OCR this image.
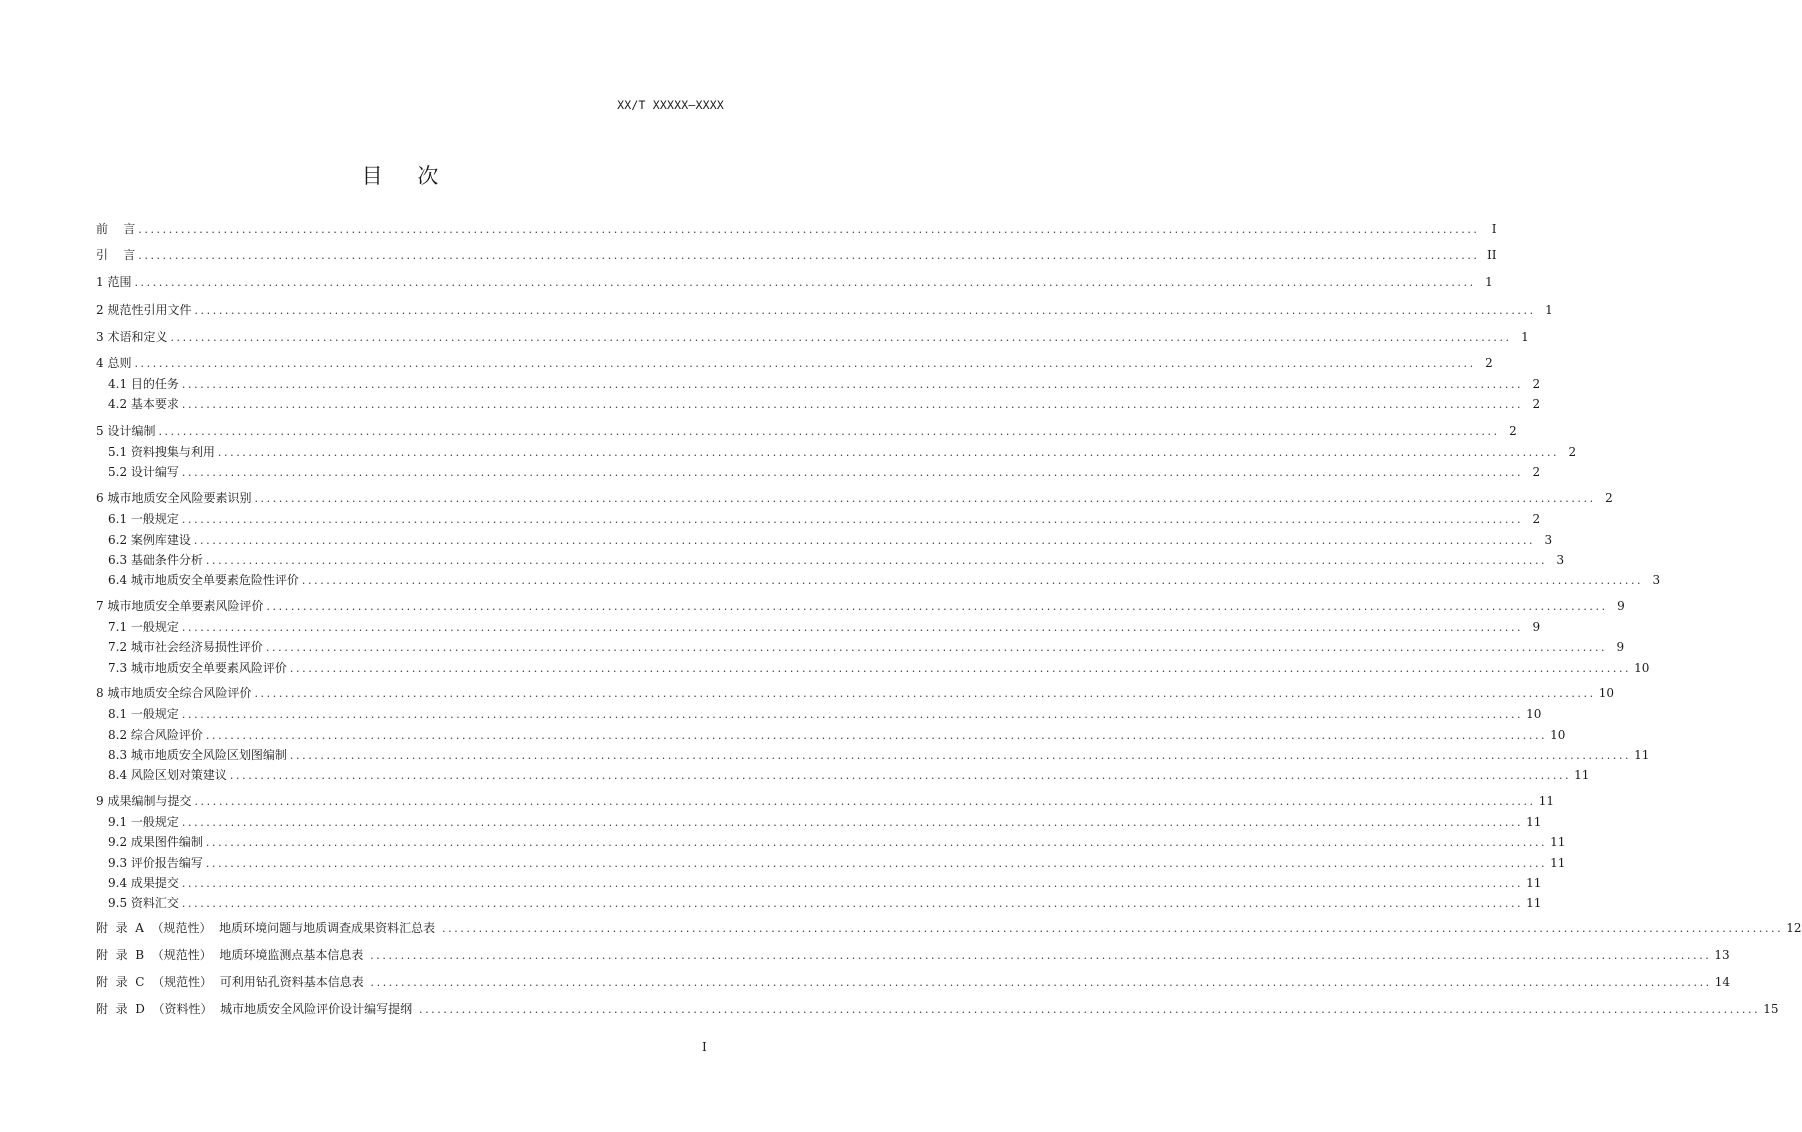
XX/T XXXXX—XXXX
目 次
前    言 ............................................................................................................................................................................................................................	I
引    言 ............................................................................................................................................................................................................................ II
1 范围 ............................................................................................................................................................................................................................ 1
2 规范性引用文件 ............................................................................................................................................................................................................................ 1
3 术语和定义 ............................................................................................................................................................................................................................ 1
4 总则 ............................................................................................................................................................................................................................ 2
4.1 目的任务 ............................................................................................................................................................................................................................ 2
4.2 基本要求 ............................................................................................................................................................................................................................ 2
5 设计编制 ............................................................................................................................................................................................................................ 2
5.1 资料搜集与利用 ............................................................................................................................................................................................................................ 2
5.2 设计编写 ............................................................................................................................................................................................................................ 2
6 城市地质安全风险要素识别 ............................................................................................................................................................................................................................ 2
6.1 一般规定 ............................................................................................................................................................................................................................ 2
6.2 案例库建设 ............................................................................................................................................................................................................................ 3
6.3 基础条件分析 ............................................................................................................................................................................................................................ 3
6.4 城市地质安全单要素危险性评价 ............................................................................................................................................................................................................................ 3
7 城市地质安全单要素风险评价 ............................................................................................................................................................................................................................ 9
7.1 一般规定 ............................................................................................................................................................................................................................ 9
7.2 城市社会经济易损性评价 ............................................................................................................................................................................................................................ 9
7.3 城市地质安全单要素风险评价 ............................................................................................................................................................................................................................ 10
8 城市地质安全综合风险评价 ............................................................................................................................................................................................................................ 10
8.1 一般规定 ............................................................................................................................................................................................................................ 10
8.2 综合风险评价 ............................................................................................................................................................................................................................ 10
8.3 城市地质安全风险区划图编制 ............................................................................................................................................................................................................................ 11
8.4 风险区划对策建议 ............................................................................................................................................................................................................................ 11
9 成果编制与提交 ............................................................................................................................................................................................................................ 11
9.1 一般规定 ............................................................................................................................................................................................................................ 11
9.2 成果图件编制 ............................................................................................................................................................................................................................ 11
9.3 评价报告编写 ............................................................................................................................................................................................................................ 11
9.4 成果提交 ............................................................................................................................................................................................................................ 11
9.5 资料汇交 ............................................................................................................................................................................................................................ 11
附  录  A  （规范性）  地质环境问题与地质调查成果资料汇总表 ............................................................................................................................................................................................................................ 12
附  录  B  （规范性）  地质环境监测点基本信息表 ............................................................................................................................................................................................................................ 13
附  录  C  （规范性）  可利用钻孔资料基本信息表 ............................................................................................................................................................................................................................ 14
附  录  D  （资料性）  城市地质安全风险评价设计编写提纲 ............................................................................................................................................................................................................................ 15
I
